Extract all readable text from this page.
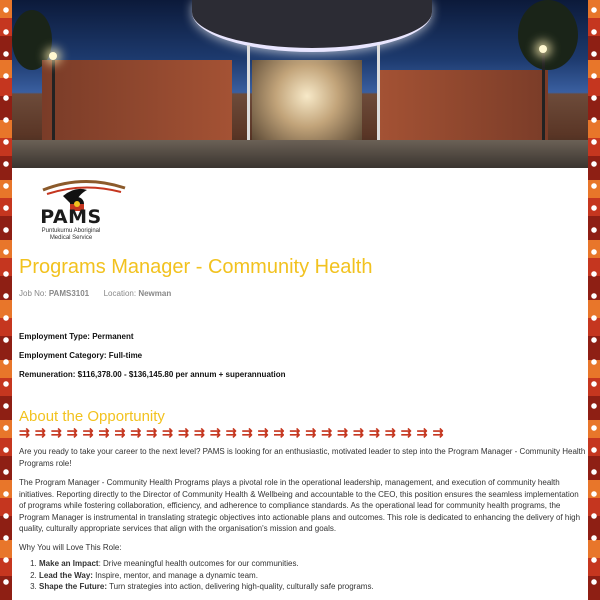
PAMS
Puntukurnu Aboriginal
Medical Service
Programs Manager - Community Health
Job No: PAMS3101 Location: Newman
Employment Type: Permanent
Employment Category: Full-time
Remuneration: $116,378.00 - $136,145.80 per annum + superannuation
About the Opportunity
⇉ ⇉ ⇉ ⇉ ⇉ ⇉ ⇉ ⇉ ⇉ ⇉ ⇉ ⇉ ⇉ ⇉ ⇉ ⇉ ⇉ ⇉ ⇉ ⇉ ⇉ ⇉ ⇉ ⇉ ⇉ ⇉ ⇉

Are you ready to take your career to the next level? PAMS is looking for an enthusiastic, motivated leader to step into the Program Manager - Community Health Programs role!

The Program Manager - Community Health Programs plays a pivotal role in the operational leadership, management, and execution of community health initiatives. Reporting directly to the Director of Community Health & Wellbeing and accountable to the CEO, this position ensures the seamless implementation of programs while fostering collaboration, efficiency, and adherence to compliance standards. As the operational lead for community health programs, the Program Manager is instrumental in translating strategic objectives into actionable plans and outcomes. This role is dedicated to enhancing the delivery of high quality, culturally appropriate services that align with the organisation's mission and goals.

Why You will Love This Role:

1. Make an Impact: Drive meaningful health outcomes for our communities.
2. Lead the Way: Inspire, mentor, and manage a dynamic team.
3. Shape the Future: Turn strategies into action, delivering high-quality, culturally safe programs.
